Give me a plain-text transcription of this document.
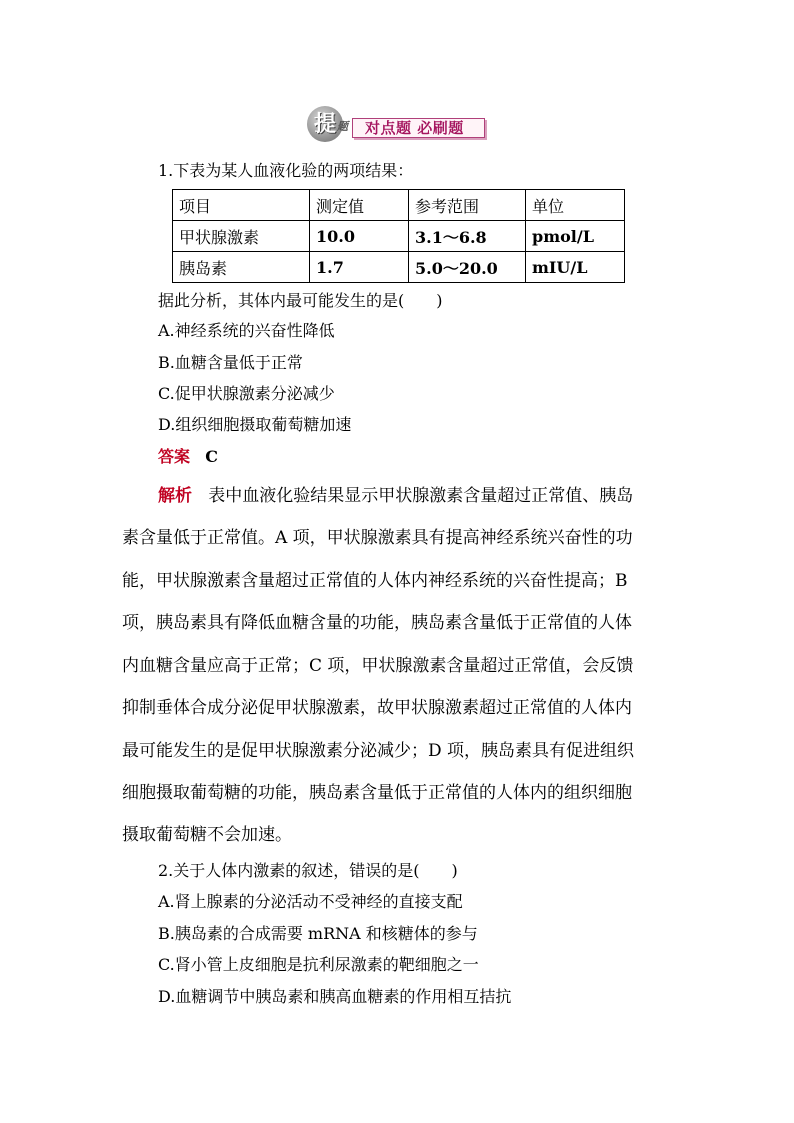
提 题 对点题 必刷题
1.下表为某人血液化验的两项结果：
项目	测定值	参考范围	单位
甲状腺激素	10.0	3.1～6.8	pmol/L
胰岛素	1.7	5.0～20.0	mIU/L
据此分析，其体内最可能发生的是(　　)
A.神经系统的兴奋性降低
B.血糖含量低于正常
C.促甲状腺激素分泌减少
D.组织细胞摄取葡萄糖加速
答案 C
解析 表中血液化验结果显示甲状腺激素含量超过正常值、胰岛
素含量低于正常值。A 项，甲状腺激素具有提高神经系统兴奋性的功
能，甲状腺激素含量超过正常值的人体内神经系统的兴奋性提高；B
项，胰岛素具有降低血糖含量的功能，胰岛素含量低于正常值的人体
内血糖含量应高于正常；C 项，甲状腺激素含量超过正常值，会反馈
抑制垂体合成分泌促甲状腺激素，故甲状腺激素超过正常值的人体内
最可能发生的是促甲状腺激素分泌减少；D 项，胰岛素具有促进组织
细胞摄取葡萄糖的功能，胰岛素含量低于正常值的人体内的组织细胞
摄取葡萄糖不会加速。
2.关于人体内激素的叙述，错误的是(　　)
A.肾上腺素的分泌活动不受神经的直接支配
B.胰岛素的合成需要 mRNA 和核糖体的参与
C.肾小管上皮细胞是抗利尿激素的靶细胞之一
D.血糖调节中胰岛素和胰高血糖素的作用相互拮抗
